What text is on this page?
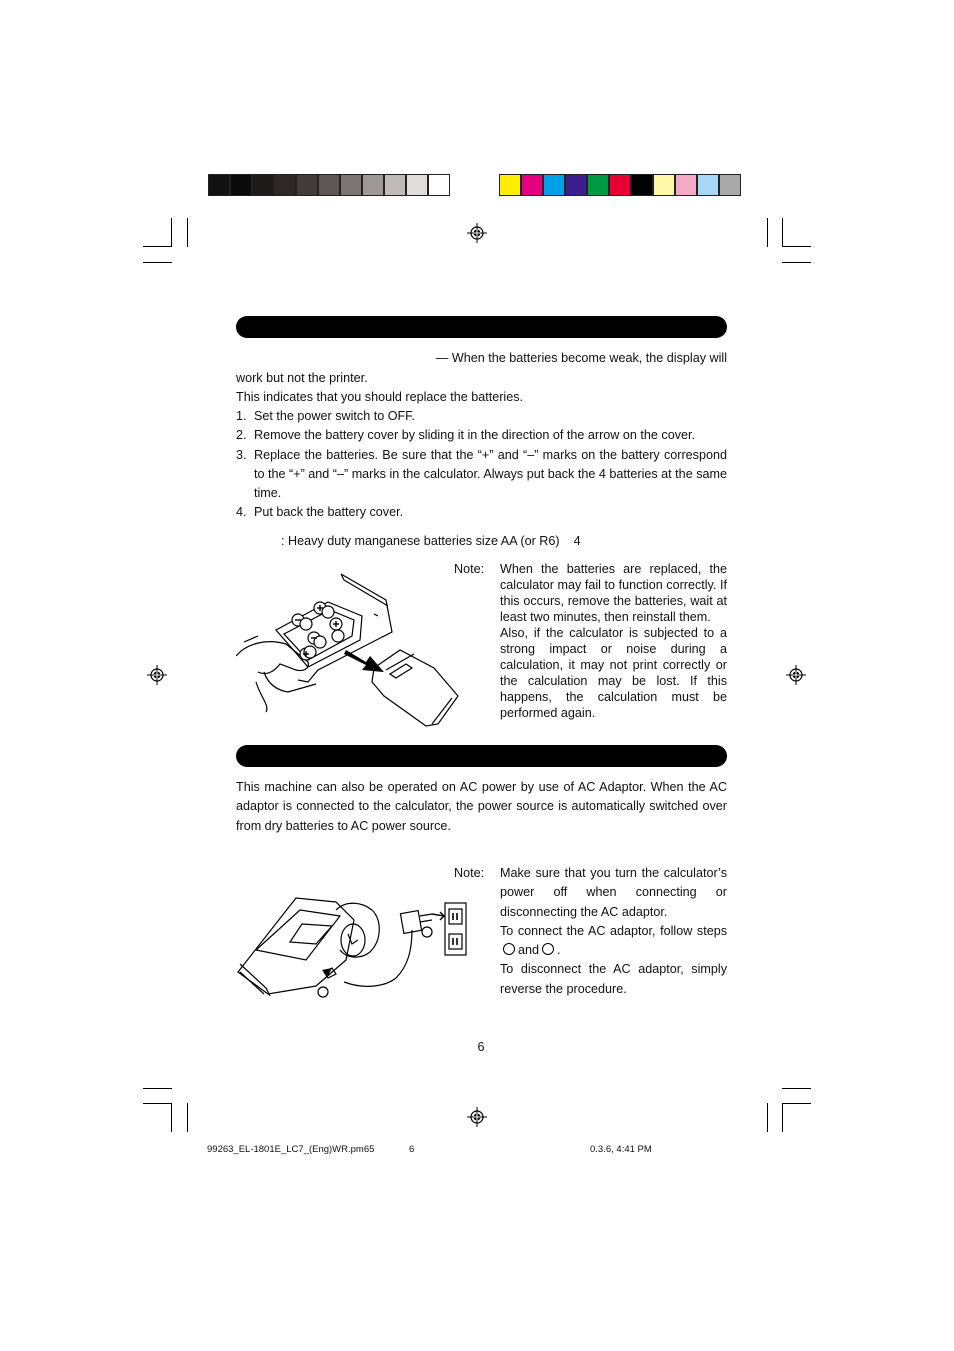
— When the batteries become weak, the display will
work but not the printer.
This indicates that you should replace the batteries.
1. Set the power switch to OFF.
2. Remove the battery cover by sliding it in the direction of the arrow on the cover.
3. Replace the batteries. Be sure that the “+” and “–” marks on the battery correspond to the “+” and “–” marks in the calculator. Always put back the 4 batteries at the same time.
4. Put back the battery cover.
: Heavy duty manganese batteries size AA (or R6)    4
Note: When the batteries are replaced, the calculator may fail to function correctly. If this occurs, remove the batteries, wait at least two minutes, then reinstall them.

Also, if the calculator is subjected to a strong impact or noise during a calculation, it may not print correctly or the calculation may be lost. If this happens, the calculation must be performed again.

This machine can also be operated on AC power by use of AC Adaptor. When the AC adaptor is connected to the calculator, the power source is automatically switched over from dry batteries to AC power source.
Note: Make sure that you turn the calculator’s power off when connecting or disconnecting the AC adaptor.

To connect the AC adaptor, follow steps and .

To disconnect the AC adaptor, simply reverse the procedure.

6
99263_EL-1801E_LC7_(Eng)WR.pm65	6	0.3.6, 4:41 PM
